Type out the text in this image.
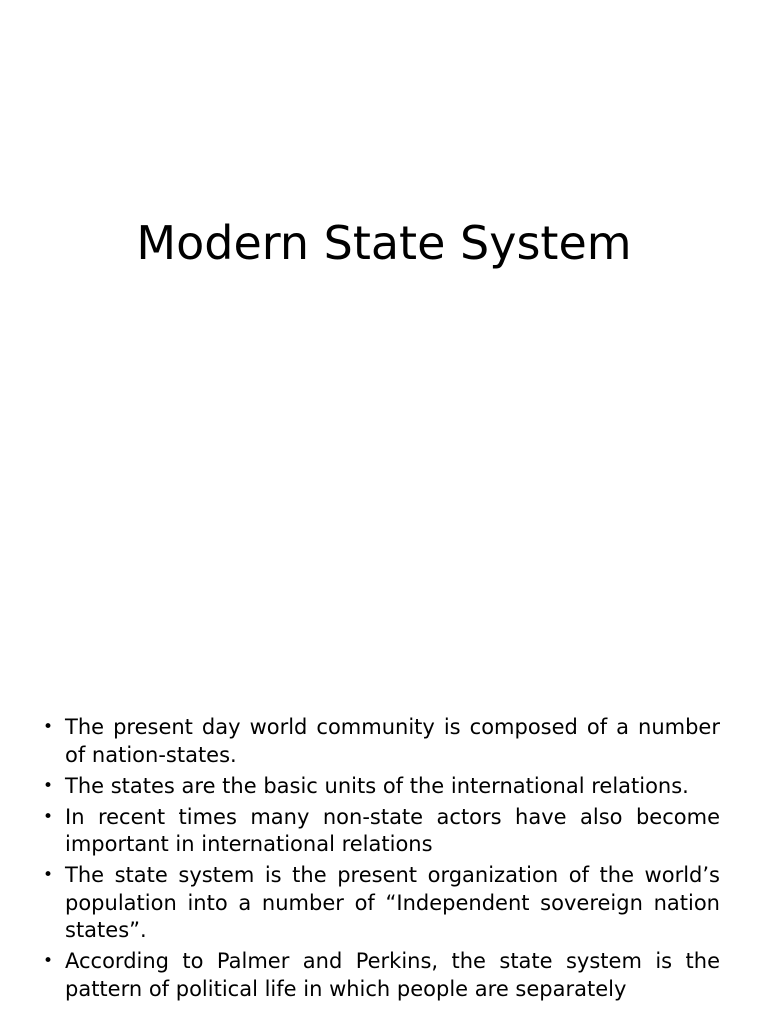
Modern State System
• The present day world community is composed of a number of nation-states.
• The states are the basic units of the international relations.
• In recent times many non-state actors have also become important in international relations
• The state system is the present organization of the world’s population into a number of “Independent sovereign nation states”.
• According to Palmer and Perkins, the state system is the pattern of political life in which people are separately
